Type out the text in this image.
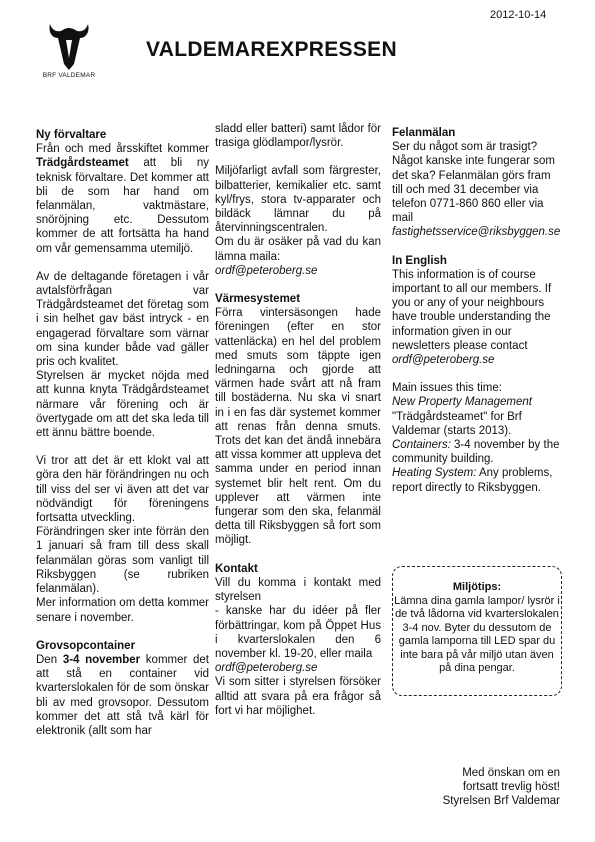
2012-10-14
BRF VALDEMAR
VALDEMAREXPRESSEN

Ny förvaltare

Från och med årsskiftet kommer Trädgårdsteamet att bli ny teknisk förvaltare. Det kommer att bli de som har hand om felanmälan, vaktmästare, snöröjning etc. Dessutom kommer de att fortsätta ha hand om vår gemensamma utemiljö.

Av de deltagande företagen i vår avtalsförfrågan var Trädgårdsteamet det företag som i sin helhet gav bäst intryck - en engagerad förvaltare som värnar om sina kunder både vad gäller pris och kvalitet.

Styrelsen är mycket nöjda med att kunna knyta Trädgårdsteamet närmare vår förening och är övertygade om att det ska leda till ett ännu bättre boende.

Vi tror att det är ett klokt val att göra den här förändringen nu och till viss del ser vi även att det var nödvändigt för föreningens fortsatta utveckling.

Förändringen sker inte förrän den 1 januari så fram till dess skall felanmälan göras som vanligt till Riksbyggen (se rubriken felanmälan).

Mer information om detta kommer senare i november.

Grovsopcontainer

Den 3-4 november kommer det att stå en container vid kvarterslokalen för de som önskar bli av med grovsopor. Dessutom kommer det att stå två kärl för elektronik (allt som har

sladd eller batteri) samt lådor för trasiga glödlampor/lysrör.

Miljöfarligt avfall som färgrester, bilbatterier, kemikalier etc. samt kyl/frys, stora tv-apparater och bildäck lämnar du på återvinningscentralen.

Om du är osäker på vad du kan lämna maila:

ordf@peteroberg.se

Värmesystemet

Förra vintersäsongen hade föreningen (efter en stor vattenläcka) en hel del problem med smuts som täppte igen ledningarna och gjorde att värmen hade svårt att nå fram till bostäderna. Nu ska vi snart in i en fas där systemet kommer att renas från denna smuts. Trots det kan det ändå innebära att vissa kommer att uppleva det samma under en period innan systemet blir helt rent. Om du upplever att värmen inte fungerar som den ska, felanmäl detta till Riksbyggen så fort som möjligt.

Kontakt

Vill du komma i kontakt med styrelsen

- kanske har du idéer på fler förbättringar, kom på Öppet Hus i kvarterslokalen den 6 november kl. 19-20, eller maila

ordf@peteroberg.se

Vi som sitter i styrelsen försöker alltid att svara på era frågor så fort vi har möjlighet.

Felanmälan

Ser du något som är trasigt? Något kanske inte fungerar som det ska? Felanmälan görs fram till och med 31 december via telefon 0771-860 860 eller via mail fastighetsservice@riksbyggen.se

In English

This information is of course important to all our members. If you or any of your neighbours have trouble understanding the information given in our newsletters please contact

ordf@peteroberg.se

Main issues this time:

New Property Management "Trädgårdsteamet" for Brf Valdemar (starts 2013).

Containers: 3-4 november by the community building.

Heating System: Any problems, report directly to Riksbyggen.

Miljötips:
Lämna dina gamla lampor/ lysrör i de två lådorna vid kvarterslokalen 3-4 nov. Byter du dessutom de gamla lamporna till LED spar du inte bara på vår miljö utan även på dina pengar.
Med önskan om en
fortsatt trevlig höst!
Styrelsen Brf Valdemar
